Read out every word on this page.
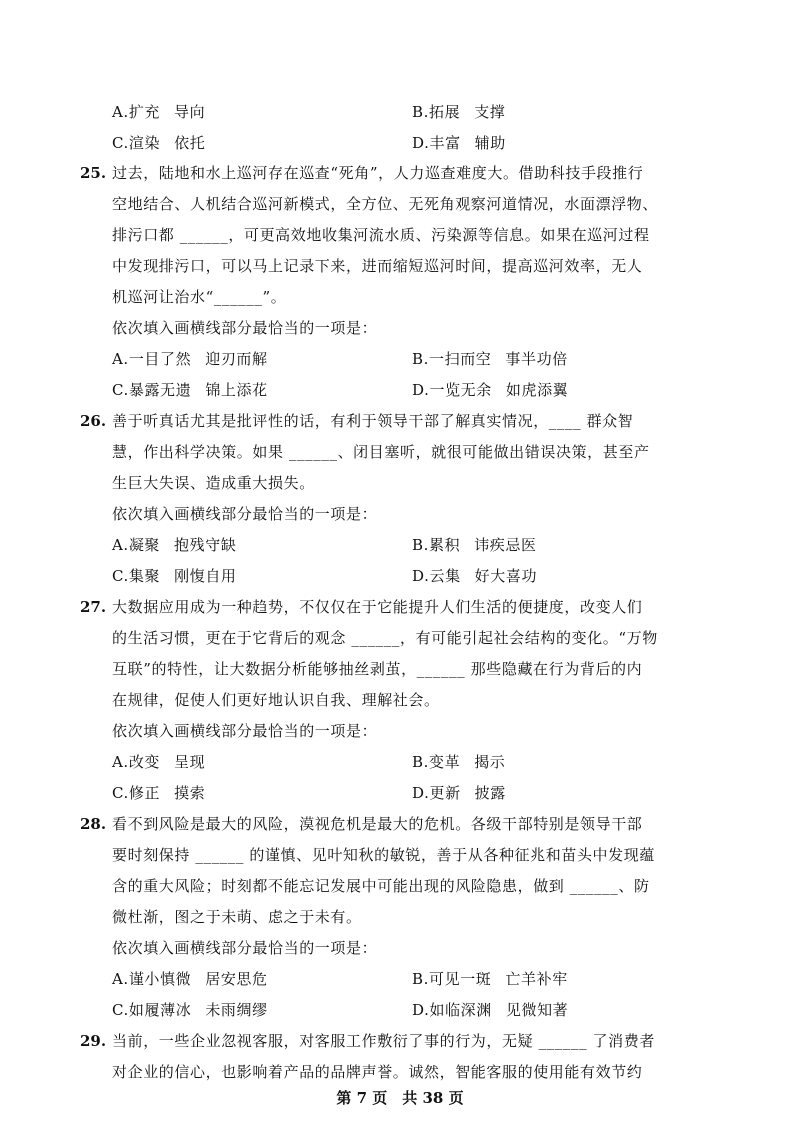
A.扩充 导向	B.拓展 支撑
C.渲染 依托	D.丰富 辅助
25. 过去，陆地和水上巡河存在巡查“死角”，人力巡查难度大。借助科技手段推行
空地结合、人机结合巡河新模式，全方位、无死角观察河道情况，水面漂浮物、
排污口都 ______，可更高效地收集河流水质、污染源等信息。如果在巡河过程
中发现排污口，可以马上记录下来，进而缩短巡河时间，提高巡河效率，无人
机巡河让治水“______”。
依次填入画横线部分最恰当的一项是：
A.一目了然 迎刃而解	B.一扫而空 事半功倍
C.暴露无遗 锦上添花	D.一览无余 如虎添翼
26. 善于听真话尤其是批评性的话，有利于领导干部了解真实情况，____ 群众智
慧，作出科学决策。如果 ______、闭目塞听，就很可能做出错误决策，甚至产
生巨大失误、造成重大损失。
依次填入画横线部分最恰当的一项是：
A.凝聚 抱残守缺	B.累积 讳疾忌医
C.集聚 刚愎自用	D.云集 好大喜功
27. 大数据应用成为一种趋势，不仅仅在于它能提升人们生活的便捷度，改变人们
的生活习惯，更在于它背后的观念 ______，有可能引起社会结构的变化。“万物
互联”的特性，让大数据分析能够抽丝剥茧，______ 那些隐藏在行为背后的内
在规律，促使人们更好地认识自我、理解社会。
依次填入画横线部分最恰当的一项是：
A.改变 呈现	B.变革 揭示
C.修正 摸索	D.更新 披露
28. 看不到风险是最大的风险，漠视危机是最大的危机。各级干部特别是领导干部
要时刻保持 ______ 的谨慎、见叶知秋的敏锐，善于从各种征兆和苗头中发现蕴
含的重大风险；时刻都不能忘记发展中可能出现的风险隐患，做到 ______、防
微杜渐，图之于未萌、虑之于未有。
依次填入画横线部分最恰当的一项是：
A.谨小慎微 居安思危	B.可见一斑 亡羊补牢
C.如履薄冰 未雨绸缪	D.如临深渊 见微知著
29. 当前，一些企业忽视客服，对客服工作敷衍了事的行为，无疑 ______ 了消费者
对企业的信心，也影响着产品的品牌声誉。诚然，智能客服的使用能有效节约
第 7 页　共 38 页
